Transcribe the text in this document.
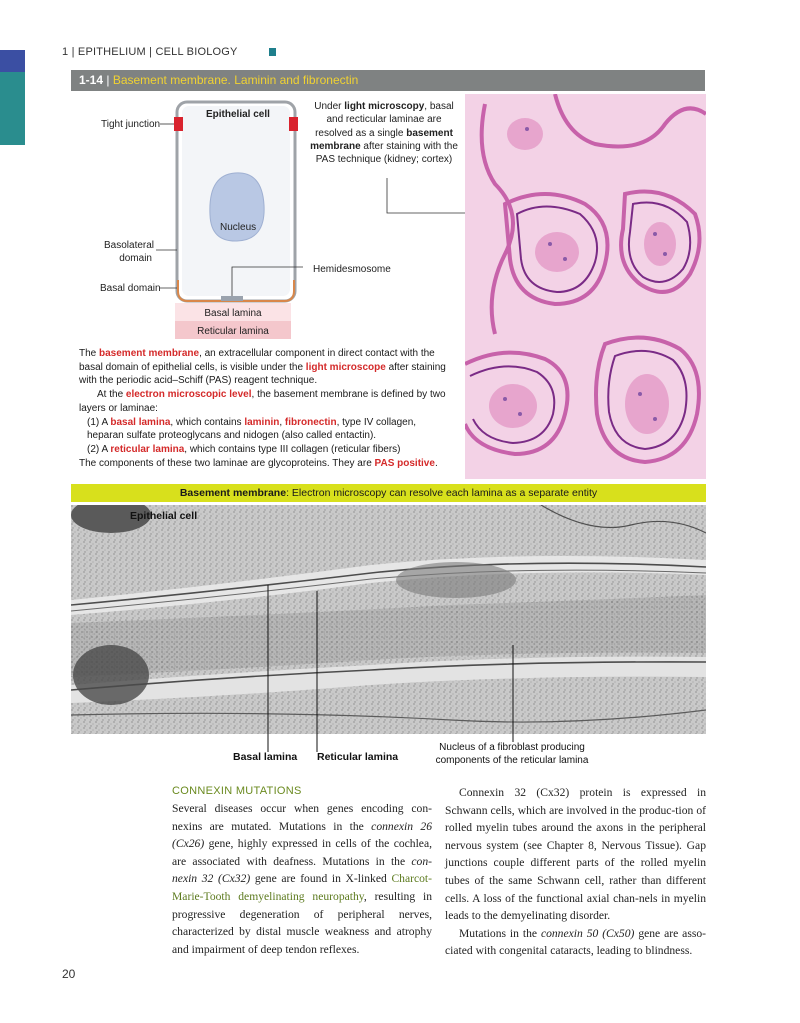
1 | EPITHELIUM | CELL BIOLOGY
1-14 | Basement membrane. Laminin and fibronectin
Tight junction
Epithelial cell
Nucleus
Basolateral
domain
Basal domain
Hemidesmosome
Basal lamina
Reticular lamina
Under light microscopy, basal
and recticular laminae are
resolved as a single basement
membrane after staining with the
PAS technique (kidney; cortex)

The basement membrane, an extracellular component in direct contact with the basal domain of epithelial cells, is visible under the light microscope after staining with the periodic acid–Schiff (PAS) reagent technique.

At the electron microscopic level, the basement membrane is defined by two layers or laminae:

(1) A basal lamina, which contains laminin, fibronectin, type IV collagen, heparan sulfate proteoglycans and nidogen (also called entactin).

(2) A reticular lamina, which contains type III collagen (reticular fibers)

The components of these two laminae are glycoproteins. They are PAS positive.

Basement membrane: Electron microscopy can resolve each lamina as a separate entity
Epithelial cell
Basal lamina Reticular lamina
Nucleus of a fibroblast producing
components of the reticular lamina
CONNEXIN MUTATIONS

Several diseases occur when genes encoding con-nexins are mutated. Mutations in the connexin 26 (Cx26) gene, highly expressed in cells of the cochlea, are associated with deafness. Mutations in the con-nexin 32 (Cx32) gene are found in X-linked Charcot-Marie-Tooth demyelinating neuropathy, resulting in progressive degeneration of peripheral nerves, characterized by distal muscle weakness and atrophy and impairment of deep tendon reflexes.

Connexin 32 (Cx32) protein is expressed in Schwann cells, which are involved in the produc-tion of rolled myelin tubes around the axons in the peripheral nervous system (see Chapter 8, Nervous Tissue). Gap junctions couple different parts of the rolled myelin tubes of the same Schwann cell, rather than different cells. A loss of the functional axial chan-nels in myelin leads to the demyelinating disorder.

Mutations in the connexin 50 (Cx50) gene are asso-ciated with congenital cataracts, leading to blindness.

20
